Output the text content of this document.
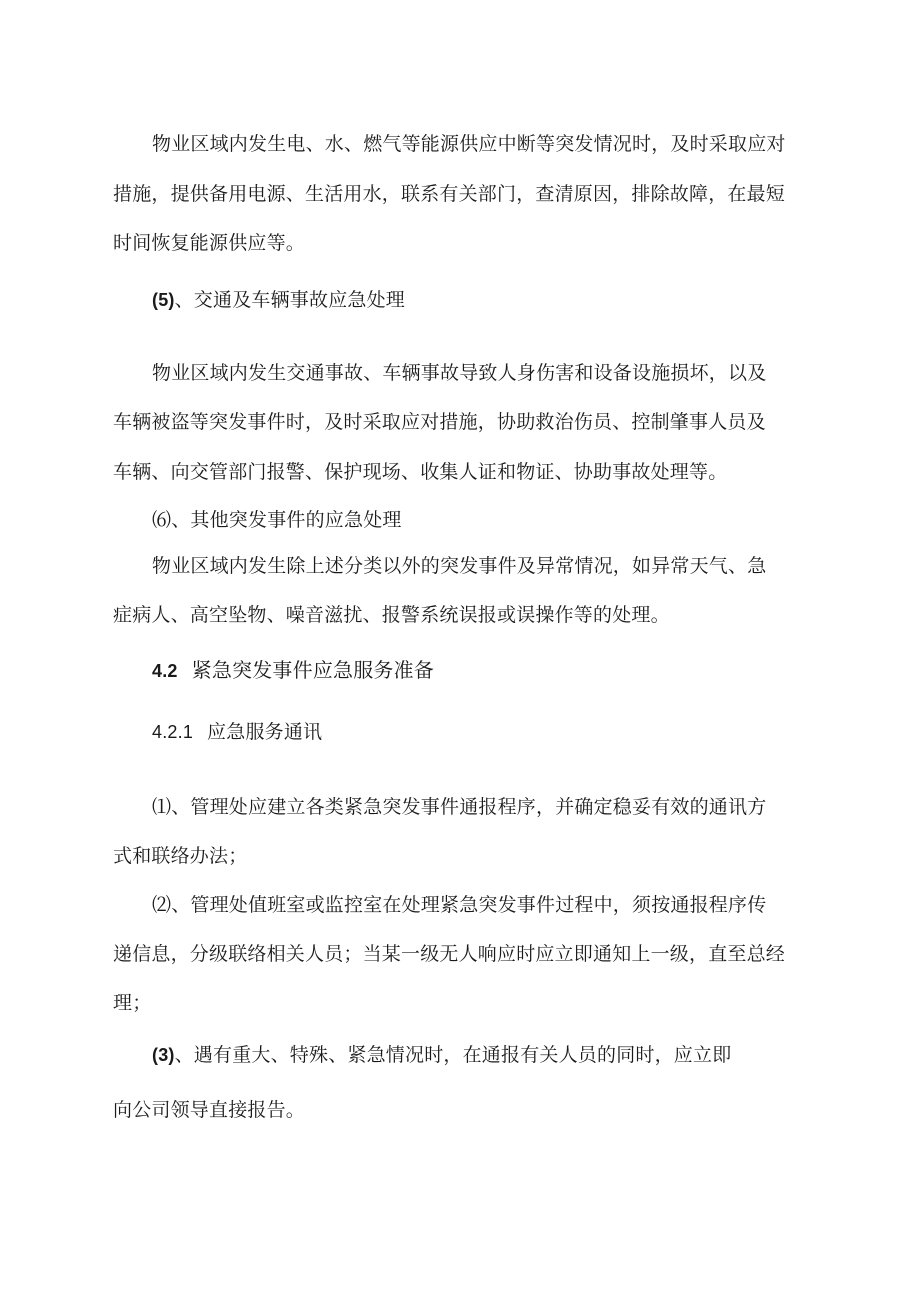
物业区域内发生电、水、燃气等能源供应中断等突发情况时，及时采取应对
措施，提供备用电源、生活用水，联系有关部门，查清原因，排除故障，在最短
时间恢复能源供应等。
(5)、交通及车辆事故应急处理
物业区域内发生交通事故、车辆事故导致人身伤害和设备设施损坏，以及
车辆被盗等突发事件时，及时采取应对措施，协助救治伤员、控制肇事人员及
车辆、向交管部门报警、保护现场、收集人证和物证、协助事故处理等。
⑹、其他突发事件的应急处理
物业区域内发生除上述分类以外的突发事件及异常情况，如异常天气、急
症病人、高空坠物、噪音滋扰、报警系统误报或误操作等的处理。
4.2 紧急突发事件应急服务准备
4.2.1 应急服务通讯
⑴、管理处应建立各类紧急突发事件通报程序，并确定稳妥有效的通讯方
式和联络办法；
⑵、管理处值班室或监控室在处理紧急突发事件过程中，须按通报程序传
递信息，分级联络相关人员；当某一级无人响应时应立即通知上一级，直至总经
理；
(3)、遇有重大、特殊、紧急情况时，在通报有关人员的同时，应立即
向公司领导直接报告。
